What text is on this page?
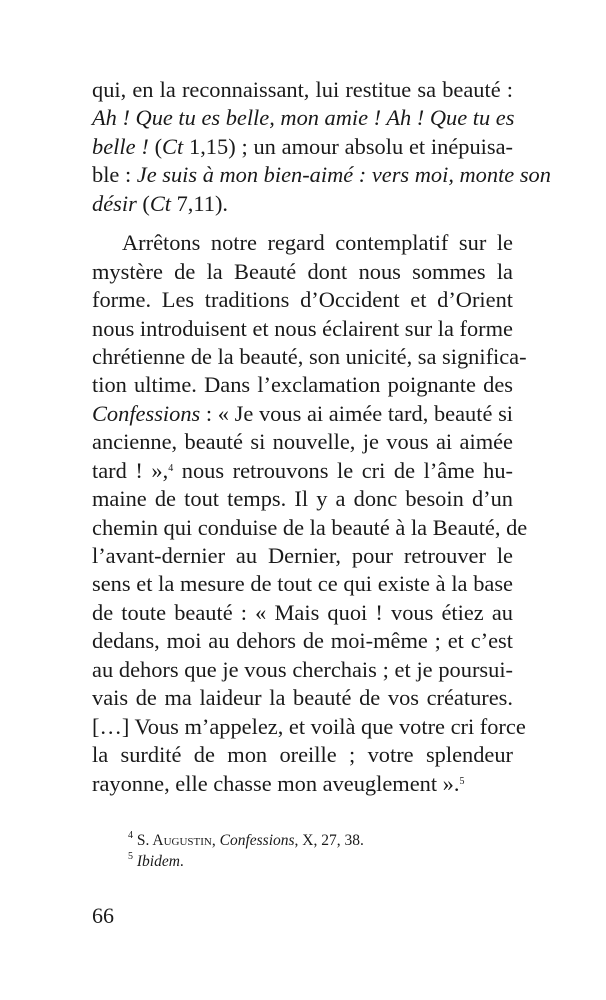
qui, en la reconnaissant, lui restitue sa beauté :
Ah ! Que tu es belle, mon amie ! Ah ! Que tu es
belle ! (Ct 1,15) ; un amour absolu et inépuisa-
ble : Je suis à mon bien-aimé : vers moi, monte son
désir (Ct 7,11).
Arrêtons notre regard contemplatif sur le
mystère de la Beauté dont nous sommes la
forme. Les traditions d’Occident et d’Orient
nous introduisent et nous éclairent sur la forme
chrétienne de la beauté, son unicité, sa significa-
tion ultime. Dans l’exclamation poignante des
Confessions : « Je vous ai aimée tard, beauté si
ancienne, beauté si nouvelle, je vous ai aimée
tard ! »,$^4$ nous retrouvons le cri de l’âme hu-
maine de tout temps. Il y a donc besoin d’un
chemin qui conduise de la beauté à la Beauté, de
l’avant-dernier au Dernier, pour retrouver le
sens et la mesure de tout ce qui existe à la base
de toute beauté : « Mais quoi ! vous étiez au
dedans, moi au dehors de moi-même ; et c’est
au dehors que je vous cherchais ; et je poursui-
vais de ma laideur la beauté de vos créatures.
[…] Vous m’appelez, et voilà que votre cri force
la surdité de mon oreille ; votre splendeur
rayonne, elle chasse mon aveuglement ».$^5$
$^4$ S. Augustin, Confessions, X, 27, 38.
$^5$ Ibidem.
66
